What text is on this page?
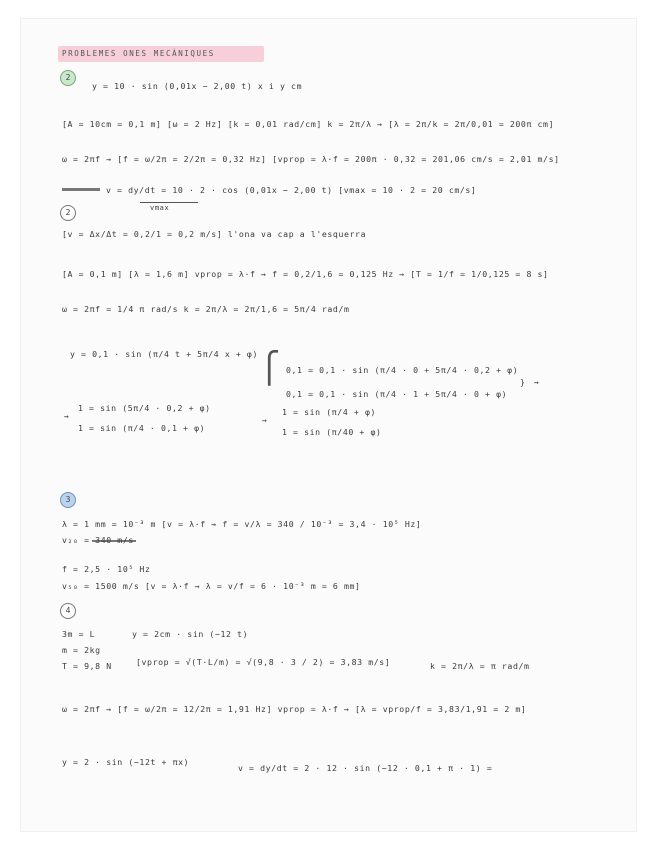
PROBLEMES ONES MECÀNIQUES
2
y = 10 · sin (0,01x − 2,00 t) x i y cm
[A = 10cm = 0,1 m] [ω = 2 Hz] [k = 0,01 rad/cm] k = 2π/λ → [λ = 2π/k = 2π/0,01 = 200π cm]
ω = 2πf → [f = ω/2π = 2/2π = 0,32 Hz] [vprop = λ·f = 200π · 0,32 = 201,06 cm/s = 2,01 m/s]
v = dy/dt = 10 · 2 · cos (0,01x − 2,00 t) [vmax = 10 · 2 = 20 cm/s]
vmax
2
[v = Δx/Δt = 0,2/1 = 0,2 m/s] l'ona va cap a l'esquerra
[A = 0,1 m] [λ = 1,6 m] vprop = λ·f → f = 0,2/1,6 = 0,125 Hz → [T = 1/f = 1/0,125 = 8 s]
ω = 2πf = 1/4 π rad/s k = 2π/λ = 2π/1,6 = 5π/4 rad/m
y = 0,1 · sin (π/4 t + 5π/4 x + φ) ⎧ 0,1 = 0,1 · sin (π/4 · 0 + 5π/4 · 0,2 + φ)
0,1 = 0,1 · sin (π/4 · 1 + 5π/4 · 0 + φ)
} →
→
1 = sin (5π/4 · 0,2 + φ)
1 = sin (π/4 · 0,1 + φ)
→
1 = sin (π/4 + φ)
1 = sin (π/40 + φ)
3
λ = 1 mm = 10⁻³ m [v = λ·f → f = v/λ = 340 / 10⁻³ = 3,4 · 10⁵ Hz]
v₂₀ = 340 m/s
f = 2,5 · 10⁵ Hz
v₅₀ = 1500 m/s [v = λ·f → λ = v/f = 6 · 10⁻³ m = 6 mm]
4
3m = L
m = 2kg
T = 9,8 N
y = 2cm · sin (−12 t)
[vprop = √(T·L/m) = √(9,8 · 3 / 2) = 3,83 m/s]	k = 2π/λ = π rad/m
ω = 2πf → [f = ω/2π = 12/2π = 1,91 Hz] vprop = λ·f → [λ = vprop/f = 3,83/1,91 = 2 m]
y = 2 · sin (−12t + πx)
v = dy/dt = 2 · 12 · sin (−12 · 0,1 + π · 1) =
